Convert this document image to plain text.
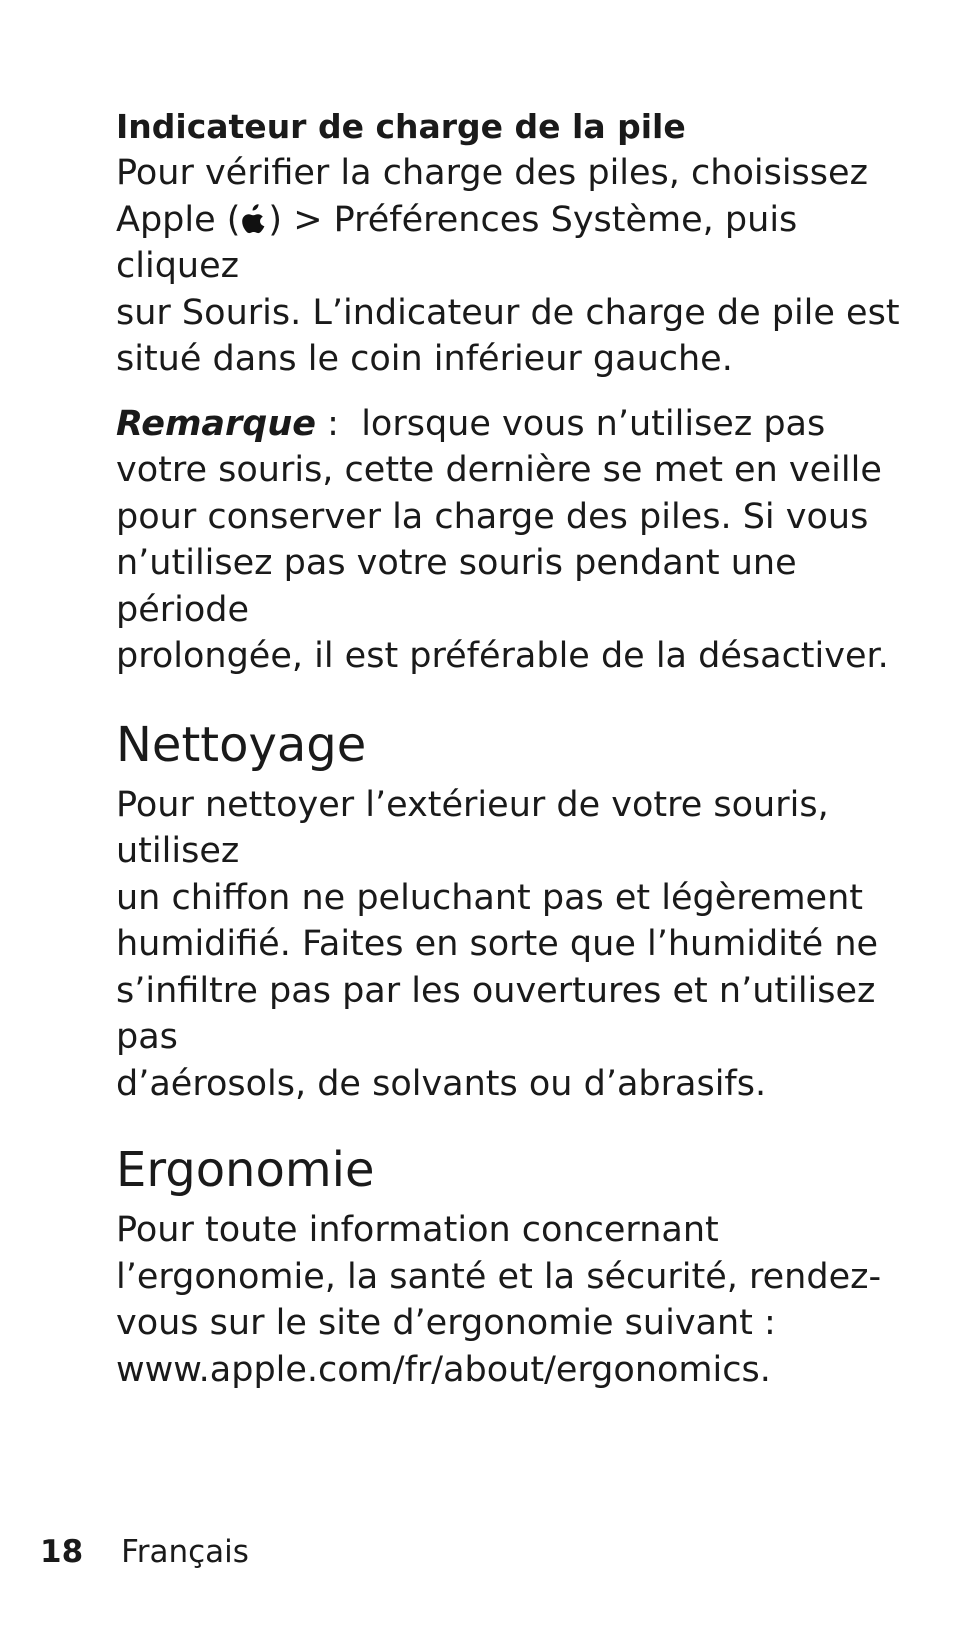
Indicateur de charge de la pile

Pour vérifier la charge des piles, choisissez
Apple ( ) > Préférences Système, puis cliquez
sur Souris. L’indicateur de charge de pile est
situé dans le coin inférieur gauche.

Remarque :  lorsque vous n’utilisez pas
votre souris, cette dernière se met en veille
pour conserver la charge des piles. Si vous
n’utilisez pas votre souris pendant une période
prolongée, il est préférable de la désactiver.

Nettoyage

Pour nettoyer l’extérieur de votre souris, utilisez
un chiffon ne peluchant pas et légèrement
humidifié. Faites en sorte que l’humidité ne
s’infiltre pas par les ouvertures et n’utilisez pas
d’aérosols, de solvants ou d’abrasifs.

Ergonomie

Pour toute information concernant
l’ergonomie, la santé et la sécurité, rendez-
vous sur le site d’ergonomie suivant :
www.apple.com/fr/about/ergonomics.

18 Français
